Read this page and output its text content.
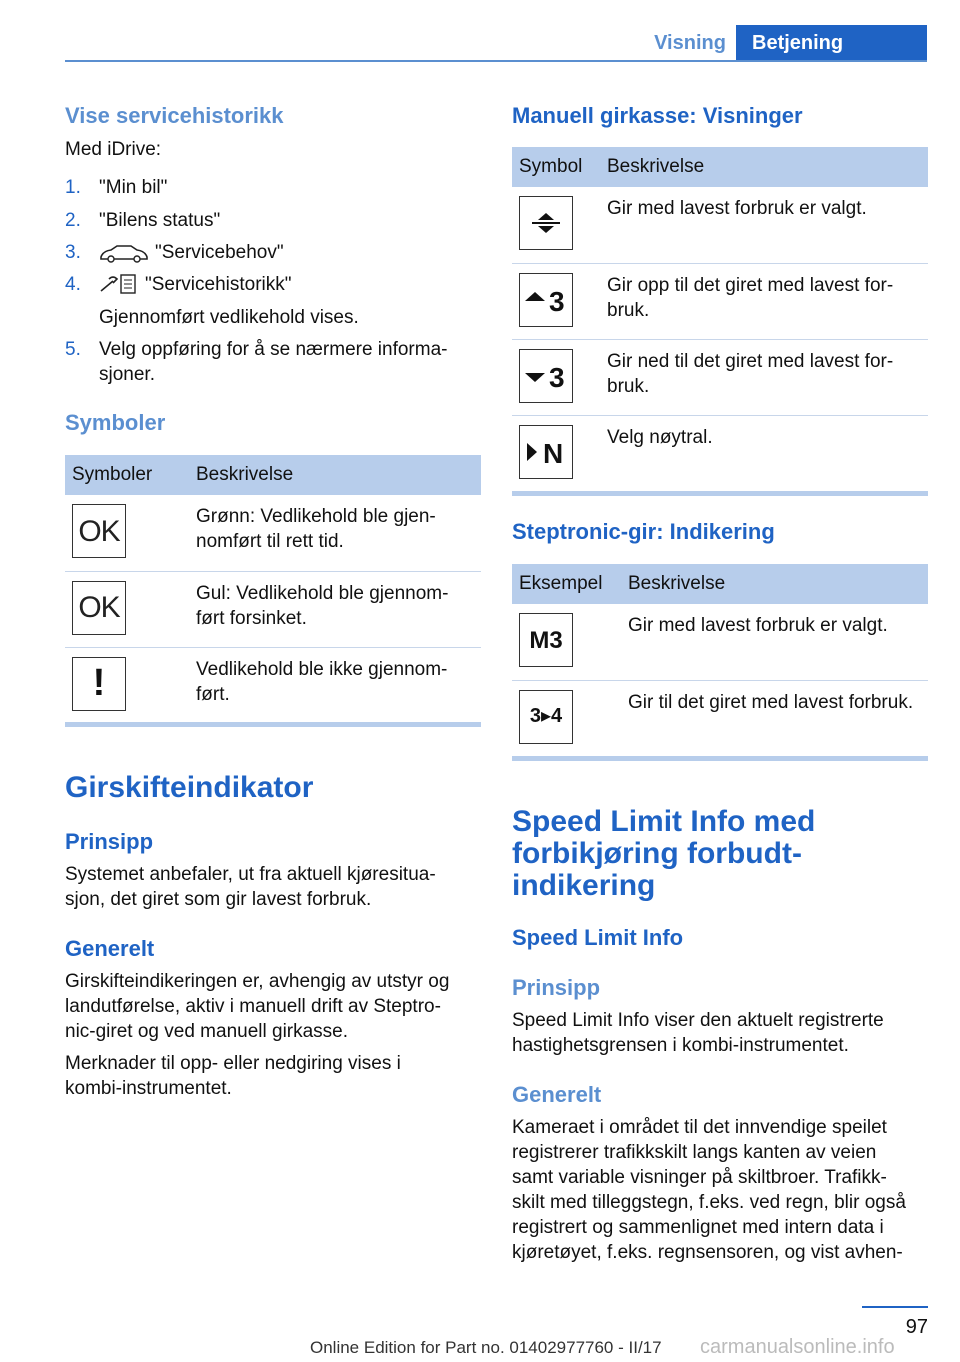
Visning	Betjening
Vise servicehistorikk
Med iDrive:
1. "Min bil"
2. "Bilens status"
3.	"Servicebehov"
4.	"Servicehistorikk"
Gjennomført vedlikehold vises.
5. Velg oppføring for å se nærmere informa-
sjoner.
Symboler
Symboler	Beskrivelse

OK	Grønn: Vedlikehold ble gjen-
nomført til rett tid.

OK	Gul: Vedlikehold ble gjennom-
ført forsinket.

!	Vedlikehold ble ikke gjennom-
ført.
Girskifteindikator
Prinsipp
Systemet anbefaler, ut fra aktuell kjøresitua-
sjon, det giret som gir lavest forbruk.
Generelt
Girskifteindikeringen er, avhengig av utstyr og
landutførelse, aktiv i manuell drift av Steptro-
nic-giret og ved manuell girkasse.
Merknader til opp- eller nedgiring vises i
kombi-instrumentet.
Manuell girkasse: Visninger
Symbol	Beskrivelse

	Gir med lavest forbruk er valgt.

3	Gir opp til det giret med lavest for-
bruk.

3	Gir ned til det giret med lavest for-
bruk.

N	Velg nøytral.
Steptronic-gir: Indikering
Eksempel	Beskrivelse

M3	Gir med lavest forbruk er valgt.

3▸4	Gir til det giret med lavest forbruk.
Speed Limit Info med
forbikjøring forbudt-
indikering
Speed Limit Info
Prinsipp
Speed Limit Info viser den aktuelt registrerte
hastighetsgrensen i kombi-instrumentet.
Generelt
Kameraet i området til det innvendige speilet
registrerer trafikkskilt langs kanten av veien
samt variable visninger på skiltbroer. Trafikk-
skilt med tilleggstegn, f.eks. ved regn, blir også
registrert og sammenlignet med intern data i
kjøretøyet, f.eks. regnsensoren, og vist avhen-
97
Online Edition for Part no. 01402977760 - II/17 carmanualsonline.info
